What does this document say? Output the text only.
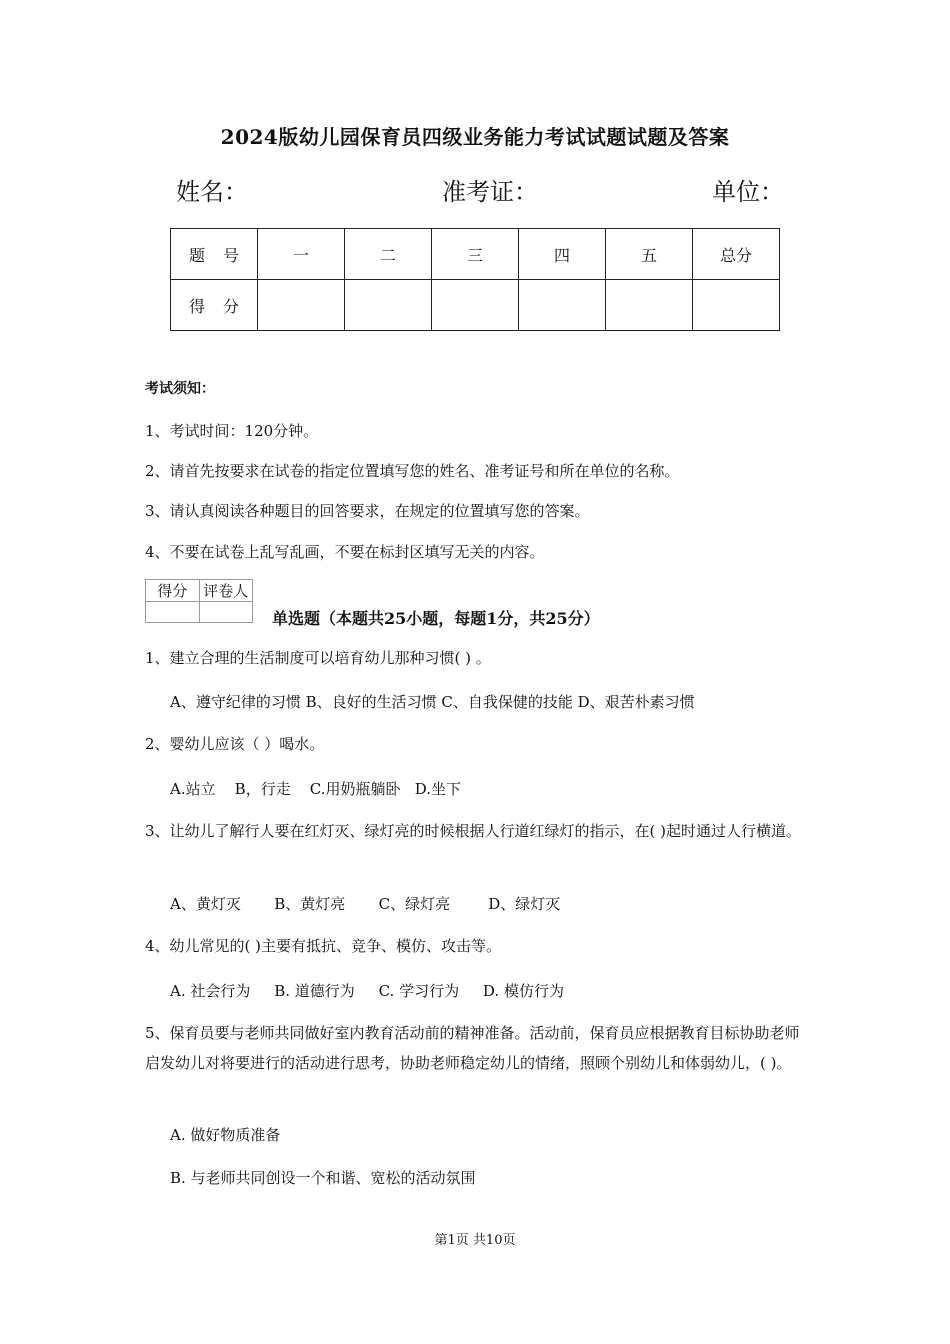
2024版幼儿园保育员四级业务能力考试试题试题及答案
姓名：	准考证：	单位：
题号	一	二	三	四	五	总分
得分						
考试须知：
1、考试时间：120分钟。
2、请首先按要求在试卷的指定位置填写您的姓名、准考证号和所在单位的名称。
3、请认真阅读各种题目的回答要求，在规定的位置填写您的答案。
4、不要在试卷上乱写乱画，不要在标封区填写无关的内容。
得分	评卷人

单选题（本题共25小题，每题1分，共25分）
1、建立合理的生活制度可以培育幼儿那种习惯( ) 。
A、遵守纪律的习惯 B、良好的生活习惯 C、自我保健的技能 D、艰苦朴素习惯
2、婴幼儿应该（ ）喝水。
A.站立    B，行走    C.用奶瓶躺卧   D.坐下
3、让幼儿了解行人要在红灯灭、绿灯亮的时候根据人行道红绿灯的指示，在( )起时通过人行横道。
A、黄灯灭       B、黄灯亮       C、绿灯亮        D、绿灯灭
4、幼儿常见的( )主要有抵抗、竞争、模仿、攻击等。
A. 社会行为     B. 道德行为     C. 学习行为     D. 模仿行为
5、保育员要与老师共同做好室内教育活动前的精神准备。活动前，保育员应根据教育目标协助老师启发幼儿对将要进行的活动进行思考，协助老师稳定幼儿的情绪，照顾个别幼儿和体弱幼儿，( )。
A. 做好物质准备
B. 与老师共同创设一个和谐、宽松的活动氛围
第1页 共10页
